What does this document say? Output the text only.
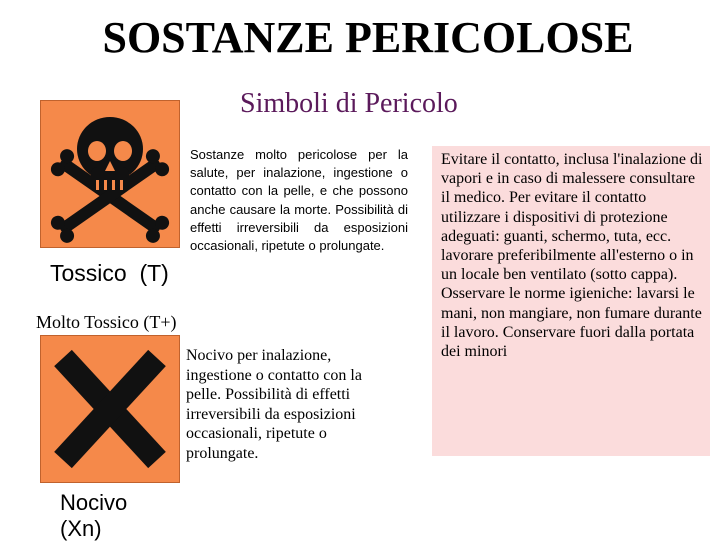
SOSTANZE PERICOLOSE
Simboli di Pericolo
Tossico  (T)
Sostanze molto pericolose per la salute, per inalazione, ingestione o contatto con la pelle, e che possono anche causare la morte. Possibilità di effetti irreversibili da esposizioni occasionali, ripetute o prolungate.
Molto Tossico (T+)
Nocivo per inalazione, ingestione o contatto con la pelle. Possibilità di effetti irreversibili da esposizioni occasionali, ripetute o prolungate.
Nocivo (Xn)
Evitare il contatto, inclusa l'inalazione di vapori e in caso di malessere consultare il medico. Per evitare il contatto utilizzare i dispositivi di protezione adeguati: guanti, schermo, tuta, ecc. lavorare preferibilmente all'esterno o in un locale ben ventilato (sotto cappa). Osservare le norme igieniche: lavarsi le mani, non mangiare, non fumare durante il lavoro. Conservare fuori dalla portata dei minori
